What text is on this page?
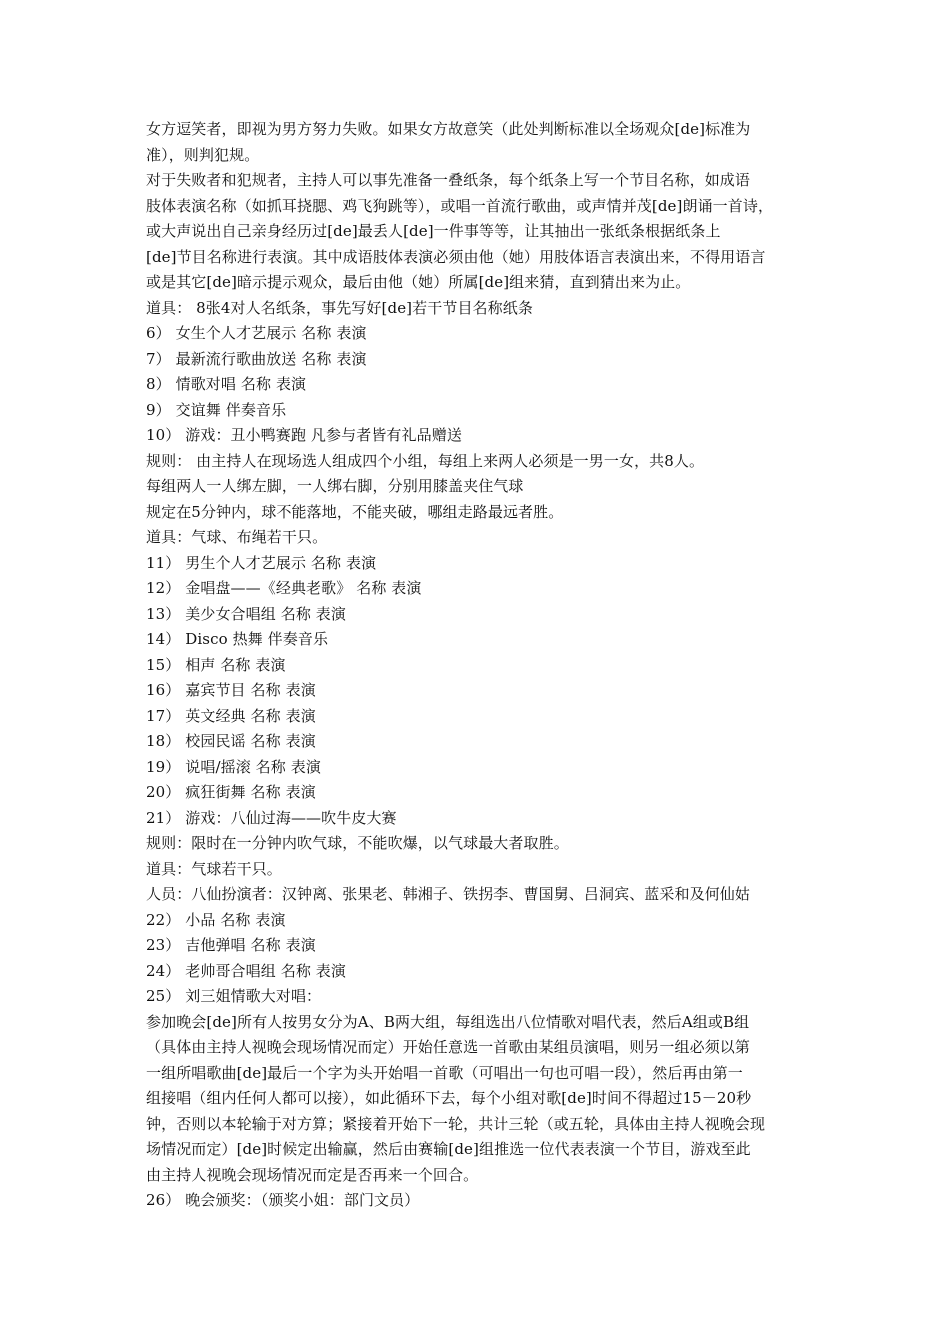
女方逗笑者，即视为男方努力失败。如果女方故意笑（此处判断标准以全场观众[de]标准为
准），则判犯规。
对于失败者和犯规者，主持人可以事先准备一叠纸条，每个纸条上写一个节目名称，如成语
肢体表演名称（如抓耳挠腮、鸡飞狗跳等），或唱一首流行歌曲，或声情并茂[de]朗诵一首诗，
或大声说出自己亲身经历过[de]最丢人[de]一件事等等，让其抽出一张纸条根据纸条上
[de]节目名称进行表演。其中成语肢体表演必须由他（她）用肢体语言表演出来，不得用语言
或是其它[de]暗示提示观众，最后由他（她）所属[de]组来猜，直到猜出来为止。
道具： 8张4对人名纸条，事先写好[de]若干节目名称纸条
6） 女生个人才艺展示 名称 表演
7） 最新流行歌曲放送 名称 表演
8） 情歌对唱 名称 表演
9） 交谊舞 伴奏音乐
10） 游戏：丑小鸭赛跑 凡参与者皆有礼品赠送
规则： 由主持人在现场选人组成四个小组，每组上来两人必须是一男一女，共8人。
每组两人一人绑左脚，一人绑右脚，分别用膝盖夹住气球
规定在5分钟内，球不能落地，不能夹破，哪组走路最远者胜。
道具：气球、布绳若干只。
11） 男生个人才艺展示 名称 表演
12） 金唱盘——《经典老歌》 名称 表演
13） 美少女合唱组 名称 表演
14） Disco 热舞 伴奏音乐
15） 相声 名称 表演
16） 嘉宾节目 名称 表演
17） 英文经典 名称 表演
18） 校园民谣 名称 表演
19） 说唱/摇滚 名称 表演
20） 疯狂街舞 名称 表演
21） 游戏：八仙过海——吹牛皮大赛
规则：限时在一分钟内吹气球，不能吹爆，以气球最大者取胜。
道具：气球若干只。
人员：八仙扮演者：汉钟离、张果老、韩湘子、铁拐李、曹国舅、吕洞宾、蓝采和及何仙姑
22） 小品 名称 表演
23） 吉他弹唱 名称 表演
24） 老帅哥合唱组 名称 表演
25） 刘三姐情歌大对唱：
参加晚会[de]所有人按男女分为A、B两大组，每组选出八位情歌对唱代表，然后A组或B组
（具体由主持人视晚会现场情况而定）开始任意选一首歌由某组员演唱，则另一组必须以第
一组所唱歌曲[de]最后一个字为头开始唱一首歌（可唱出一句也可唱一段），然后再由第一
组接唱（组内任何人都可以接），如此循环下去，每个小组对歌[de]时间不得超过15－20秒
钟，否则以本轮输于对方算；紧接着开始下一轮，共计三轮（或五轮，具体由主持人视晚会现
场情况而定）[de]时候定出输赢，然后由赛输[de]组推选一位代表表演一个节目，游戏至此
由主持人视晚会现场情况而定是否再来一个回合。
26） 晚会颁奖：（颁奖小姐：部门文员）
